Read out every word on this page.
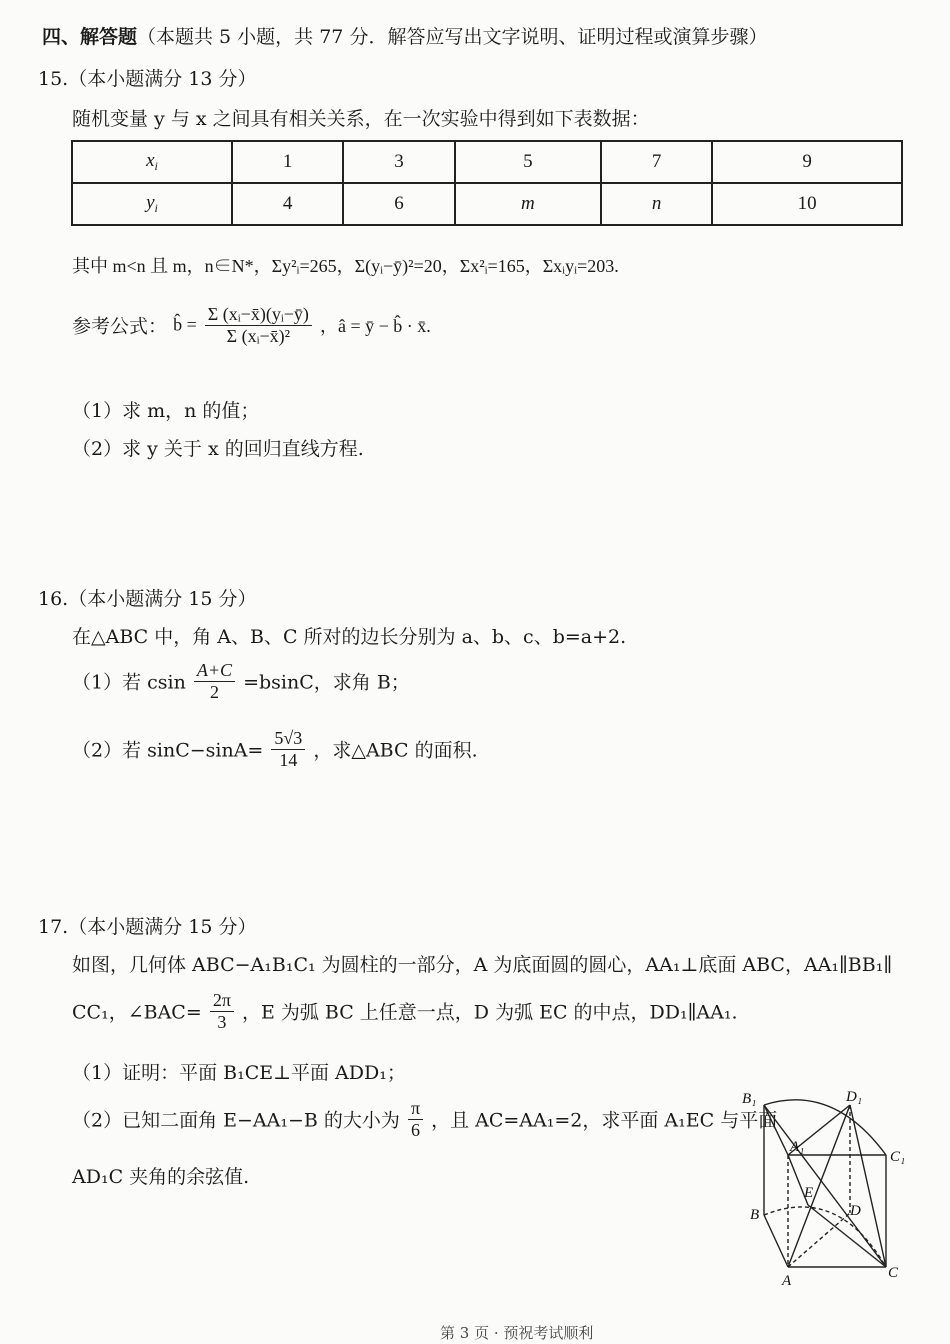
四、解答题（本题共 5 小题，共 77 分．解答应写出文字说明、证明过程或演算步骤）
15.（本小题满分 13 分）
随机变量 y 与 x 之间具有相关关系，在一次实验中得到如下表数据：
$x_i$	1	3	5	7	9
$y_i$	4	6	m	n	10
其中 m<n 且 m，n∈N*，Σy²ᵢ=265，Σ(yᵢ−ȳ)²=20，Σx²ᵢ=165，Σxᵢyᵢ=203.
参考公式： b̂ = $\frac{\text{Σ (xᵢ−x̄)(yᵢ−ȳ)}}{\text{Σ (xᵢ−x̄)²}}$ ，â = ȳ − b̂ · x̄.
（1）求 m，n 的值；
（2）求 y 关于 x 的回归直线方程.
16.（本小题满分 15 分）
在△ABC 中，角 A、B、C 所对的边长分别为 a、b、c、b=a+2.
（1）若 csin $\frac{A+C}{2} =bsinC$，求角 B；
（2）若 $\sin C-\sin A= \frac{5√3}{14}$ ，求△ABC 的面积.
17.（本小题满分 15 分）
如图，几何体 ABC−A₁B₁C₁ 为圆柱的一部分，A 为底面圆的圆心，AA₁⊥底面 ABC，AA₁∥BB₁∥
CC₁，∠BAC= $\frac{2\pi}{3}$ ，E 为弧 BC 上任意一点，D 为弧 EC 的中点，DD₁∥AA₁.
（1）证明：平面 B₁CE⊥平面 ADD₁；
（2）已知二面角 E−AA₁−B 的大小为 $\frac{\pi}{6}$ ，且 AC=AA₁=2，求平面 A₁EC 与平面
AD₁C 夹角的余弦值.
B₁	D₁
A₁
C₁
E
D
B
A	C
第 3 页 · 预祝考试顺利
